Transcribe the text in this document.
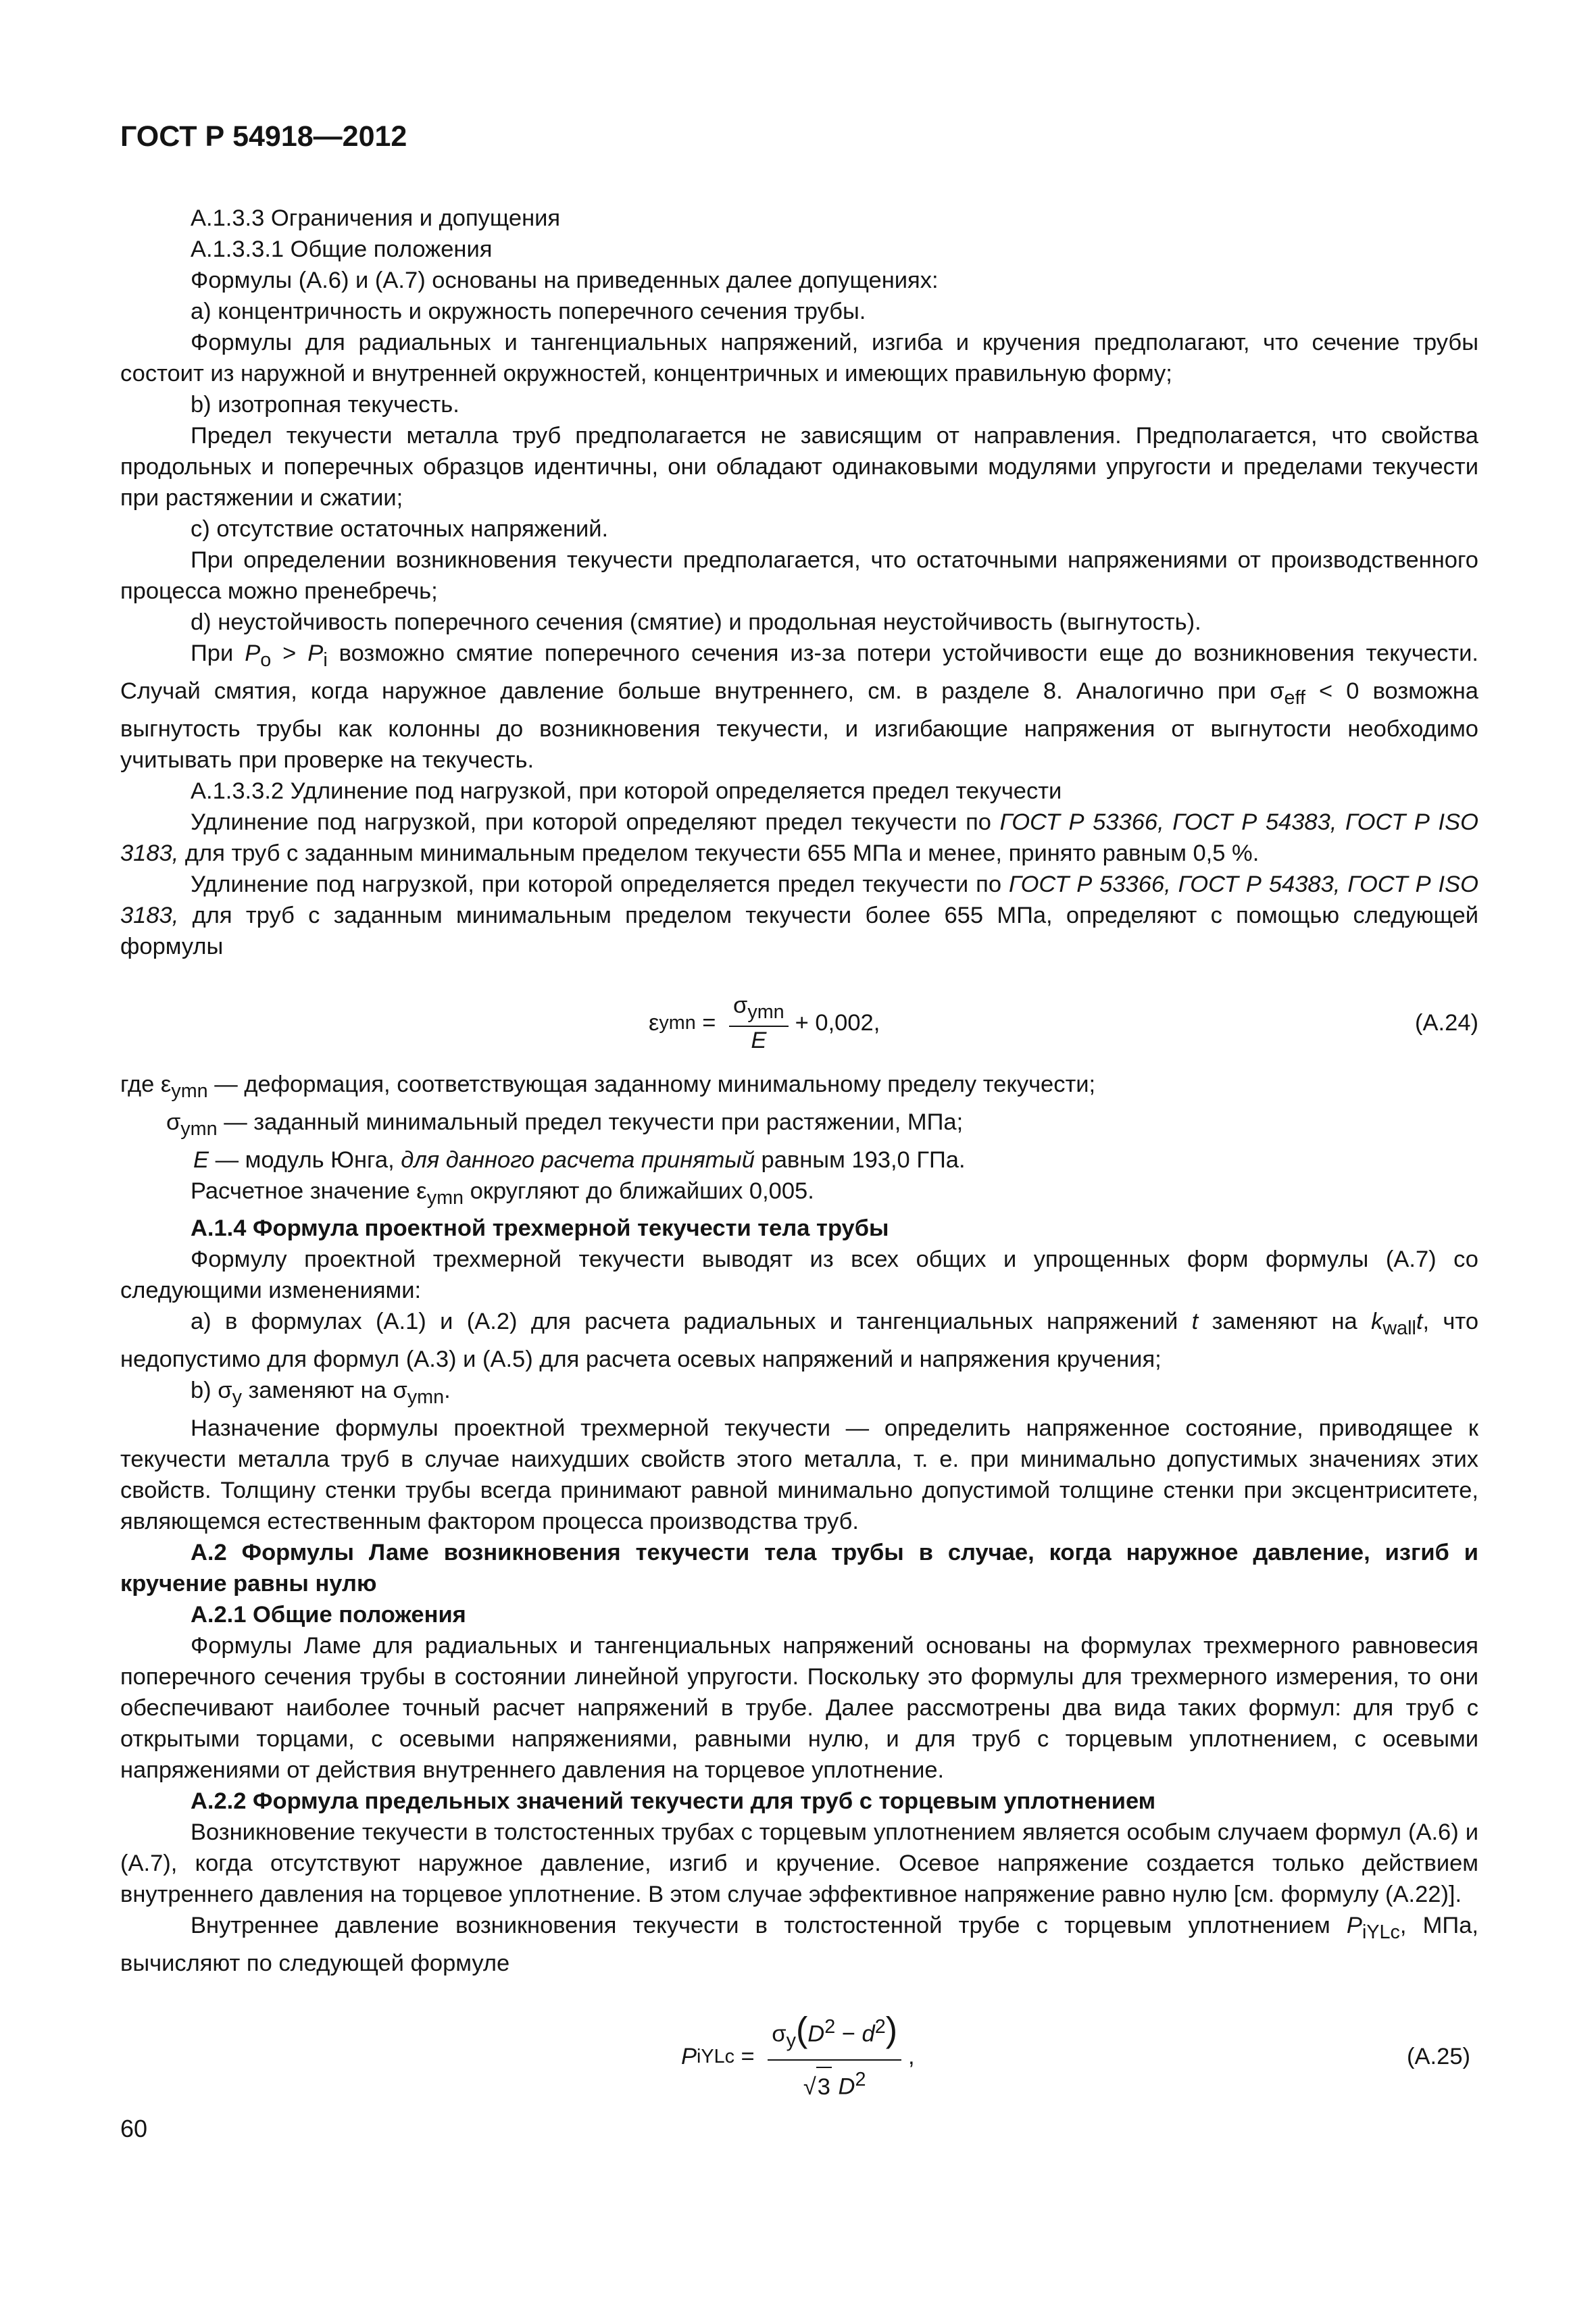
ГОСТ Р 54918—2012

А.1.3.3 Ограничения и допущения

А.1.3.3.1 Общие положения

Формулы (А.6) и (А.7) основаны на приведенных далее допущениях:

а) концентричность и окружность поперечного сечения трубы.

Формулы для радиальных и тангенциальных напряжений, изгиба и кручения предполагают, что сечение трубы состоит из наружной и внутренней окружностей, концентричных и имеющих правильную форму;

b) изотропная текучесть.

Предел текучести металла труб предполагается не зависящим от направления. Предполагается, что свойства продольных и поперечных образцов идентичны, они обладают одинаковыми модулями упругости и пределами текучести при растяжении и сжатии;

c) отсутствие остаточных напряжений.

При определении возникновения текучести предполагается, что остаточными напряжениями от производственного процесса можно пренебречь;

d) неустойчивость поперечного сечения (смятие) и продольная неустойчивость (выгнутость).

При $P_o > P_i$ возможно смятие поперечного сечения из-за потери устойчивости еще до возникновения текучести. Случай смятия, когда наружное давление больше внутреннего, см. в разделе 8. Аналогично при $\sigma_{eff} < 0$ возможна выгнутость трубы как колонны до возникновения текучести, и изгибающие напряжения от выгнутости необходимо учитывать при проверке на текучесть.

А.1.3.3.2 Удлинение под нагрузкой, при которой определяется предел текучести

Удлинение под нагрузкой, при которой определяют предел текучести по ГОСТ Р 53366, ГОСТ Р 54383, ГОСТ Р ISO 3183, для труб с заданным минимальным пределом текучести 655 МПа и менее, принято равным 0,5 %.

Удлинение под нагрузкой, при которой определяется предел текучести по ГОСТ Р 53366, ГОСТ Р 54383, ГОСТ Р ISO 3183, для труб с заданным минимальным пределом текучести более 655 МПа, определяют с помощью следующей формулы

ε ymn = $\frac{\sigma_{ymn}}{E} + 0,002$,	(А.24)

где $\varepsilon_{ymn}$ — деформация, соответствующая заданному минимальному пределу текучести;

$\sigma_{ymn}$ — заданный минимальный предел текучести при растяжении, МПа;

E — модуль Юнга, для данного расчета принятый равным 193,0 ГПа.

Расчетное значение $\varepsilon_{ymn}$ округляют до ближайших 0,005.

А.1.4 Формула проектной трехмерной текучести тела трубы

Формулу проектной трехмерной текучести выводят из всех общих и упрощенных форм формулы (А.7) со следующими изменениями:

а) в формулах (А.1) и (А.2) для расчета радиальных и тангенциальных напряжений t заменяют на $k_{wall}t$, что недопустимо для формул (А.3) и (А.5) для расчета осевых напряжений и напряжения кручения;

b) $\sigma_y$ заменяют на $\sigma_{ymn}$.

Назначение формулы проектной трехмерной текучести — определить напряженное состояние, приводящее к текучести металла труб в случае наихудших свойств этого металла, т. е. при минимально допустимых значениях этих свойств. Толщину стенки трубы всегда принимают равной минимально допустимой толщине стенки при эксцентриситете, являющемся естественным фактором процесса производства труб.

А.2 Формулы Ламе возникновения текучести тела трубы в случае, когда наружное давление, изгиб и кручение равны нулю

А.2.1 Общие положения

Формулы Ламе для радиальных и тангенциальных напряжений основаны на формулах трехмерного равновесия поперечного сечения трубы в состоянии линейной упругости. Поскольку это формулы для трехмерного измерения, то они обеспечивают наиболее точный расчет напряжений в трубе. Далее рассмотрены два вида таких формул: для труб с открытыми торцами, с осевыми напряжениями, равными нулю, и для труб с торцевым уплотнением, с осевыми напряжениями от действия внутреннего давления на торцевое уплотнение.

А.2.2 Формула предельных значений текучести для труб с торцевым уплотнением

Возникновение текучести в толстостенных трубах с торцевым уплотнением является особым случаем формул (А.6) и (А.7), когда отсутствуют наружное давление, изгиб и кручение. Осевое напряжение создается только действием внутреннего давления на торцевое уплотнение. В этом случае эффективное напряжение равно нулю [см. формулу (А.22)].

Внутреннее давление возникновения текучести в толстостенной трубе с торцевым уплотнением $P_{iYLc}$, МПа, вычисляют по следующей формуле

P iYLc = $\frac{\sigma_y(D^2 - d^2)}{√ 3 D^2}$ ,	(А.25)
60
